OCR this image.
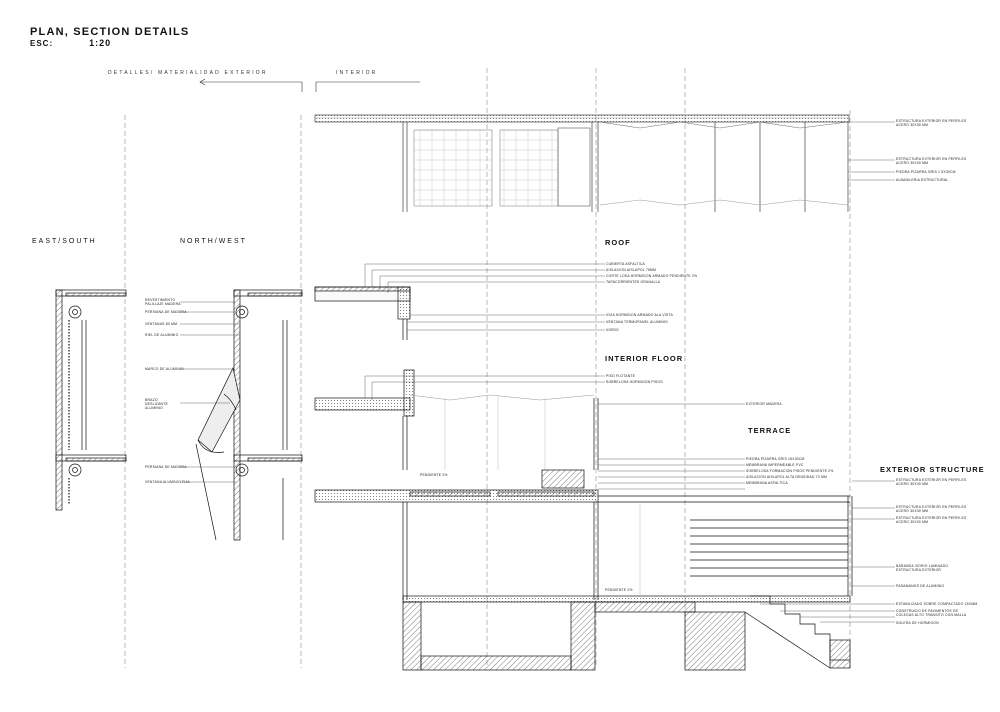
PLAN, SECTION DETAILS
ESC:	1:20
DETALLES/ MATERIALIDAD EXTERIOR	INTERIOR
EAST/SOUTH	NORTH/WEST	ROOF
INTERIOR FLOOR
TERRACE
EXTERIOR STRUCTURE
REVESTIMIENTO PALILLAJE MADERA
PERSIANA DE MADERA
VENTANAS 80 MM
RIEL DE ALUMINIO
MARCO DE ALUMINIO
BRAZO DESLIZANTE ALUMINIO
PERSIANA DE MADERA
VENTANA ALUMINIO FIJA
ESTRUCTURA EXTERIOR EN PERFILES ACERO 30X30 MM
ESTRUCTURA EXTERIOR EN PERFILES ACERO 30X30 MM
PIEDRA PIZARRA GRIS 1 5X30CM
ALBANILERIA ESTRUCTURAL
CUBIERTA ASFALTICA
AISLACION AISLAPOL 75MM
CORTE LOSA HORMIGON ARMADO PENDIENTE 2%
TAPACORRIENTES GRANALLA
VIGA HORMIGON ARMADO ALA VISTA
VENTANA TERMOPANEL ALUMINIO
VIDRIO
PISO FLOTANTE
SOBRELOSA HORMIGON PISOS
EXTERIOR MADERA
PIEDRA PIZARRA GRIS 15X30CM
MEMBRANA IMPERMEABLE PVC
SOBRELOSA FORMACION PISOS PENDIENTE 2%
AISLACION AISLAPOL ALTA DENSIDAD 70 MM
MEMBRANA ASFALTICA
ESTRUCTURA EXTERIOR EN PERFILES ACERO 30X30 MM
ESTRUCTURA EXTERIOR EN PERFILES ACERO 30X30 MM
ESTRUCTURA EXTERIOR EN PERFILES ACERO 30X30 MM
BARANDA VIDRIO LAMINADO ESTRUCTURA EXTERIOR
PASAMANOS DE ALUMINIO
ESTABILIZADO SOBRE COMPACTADO 15CMM
CONSTRUIDO DE PAVIMENTOS DE COLEGAS ALTO TRANSITO CON MALLA
SOLERA DE HORMIGON
PENDIENTE 2%
PENDIENTE 2%
